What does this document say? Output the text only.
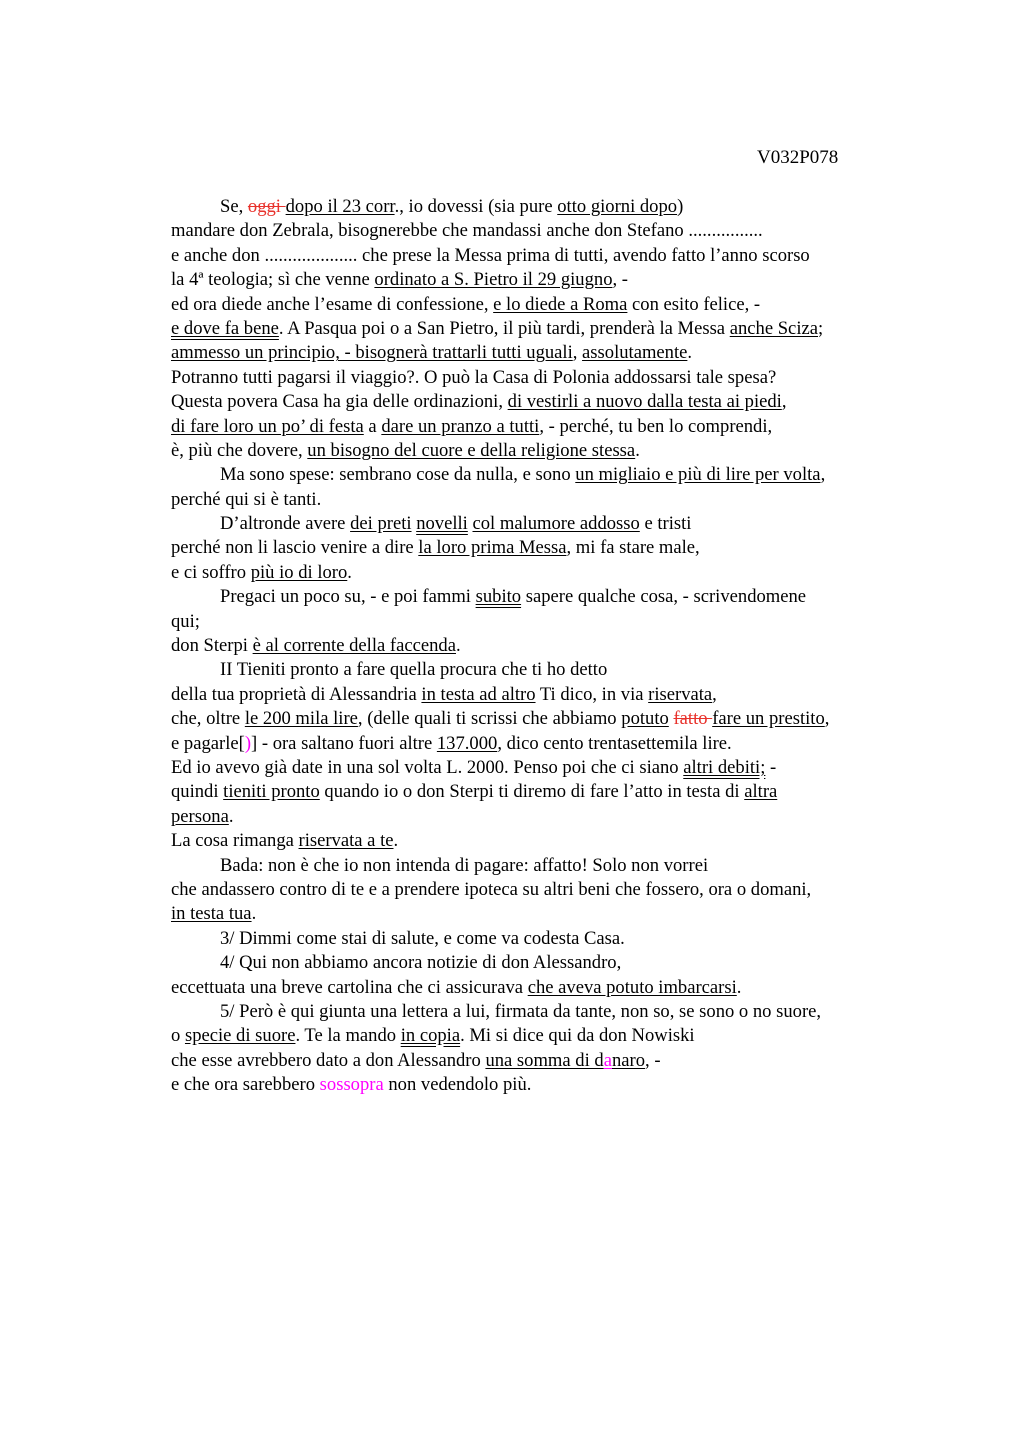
V032P078
Se, oggi dopo il 23 corr., io dovessi (sia pure otto giorni dopo)
mandare don Zebrala, bisognerebbe che mandassi anche don Stefano ................
e anche don .................... che prese la Messa prima di tutti, avendo fatto l’anno scorso
la 4ª teologia; sì che venne ordinato a S. Pietro il 29 giugno, -
ed ora diede anche l’esame di confessione, e lo diede a Roma con esito felice, -
e dove fa bene. A Pasqua poi o a San Pietro, il più tardi, prenderà la Messa anche Sciza;
ammesso un principio, - bisognerà trattarli tutti uguali, assolutamente.
Potranno tutti pagarsi il viaggio?. O può la Casa di Polonia addossarsi tale spesa?
Questa povera Casa ha gia delle ordinazioni, di vestirli a nuovo dalla testa ai piedi,
di fare loro un po’ di festa a dare un pranzo a tutti, - perché, tu ben lo comprendi,
è, più che dovere, un bisogno del cuore e della religione stessa.
Ma sono spese: sembrano cose da nulla, e sono un migliaio e più di lire per volta,
perché qui si è tanti.
D’altronde avere dei preti novelli col malumore addosso e tristi
perché non li lascio venire a dire la loro prima Messa, mi fa stare male,
e ci soffro più io di loro.
Pregaci un poco su, - e poi fammi subito sapere qualche cosa, - scrivendomene
qui;
don Sterpi è al corrente della faccenda.
II Tieniti pronto a fare quella procura che ti ho detto
della tua proprietà di Alessandria in testa ad altro Ti dico, in via riservata,
che, oltre le 200 mila lire, (delle quali ti scrissi che abbiamo potuto fatto fare un prestito,
e pagarle[)] - ora saltano fuori altre 137.000, dico cento trentasettemila lire.
Ed io avevo già date in una sol volta L. 2000. Penso poi che ci siano altri debiti; -
quindi tieniti pronto quando io o don Sterpi ti diremo di fare l’atto in testa di altra
persona.
La cosa rimanga riservata a te.
Bada: non è che io non intenda di pagare: affatto! Solo non vorrei
che andassero contro di te e a prendere ipoteca su altri beni che fossero, ora o domani,
in testa tua.
3/ Dimmi come stai di salute, e come va codesta Casa.
4/ Qui non abbiamo ancora notizie di don Alessandro,
eccettuata una breve cartolina che ci assicurava che aveva potuto imbarcarsi.
5/ Però è qui giunta una lettera a lui, firmata da tante, non so, se sono o no suore,
o specie di suore. Te la mando in copia. Mi si dice qui da don Nowiski
che esse avrebbero dato a don Alessandro una somma di danaro, -
e che ora sarebbero sossopra non vedendolo più.
